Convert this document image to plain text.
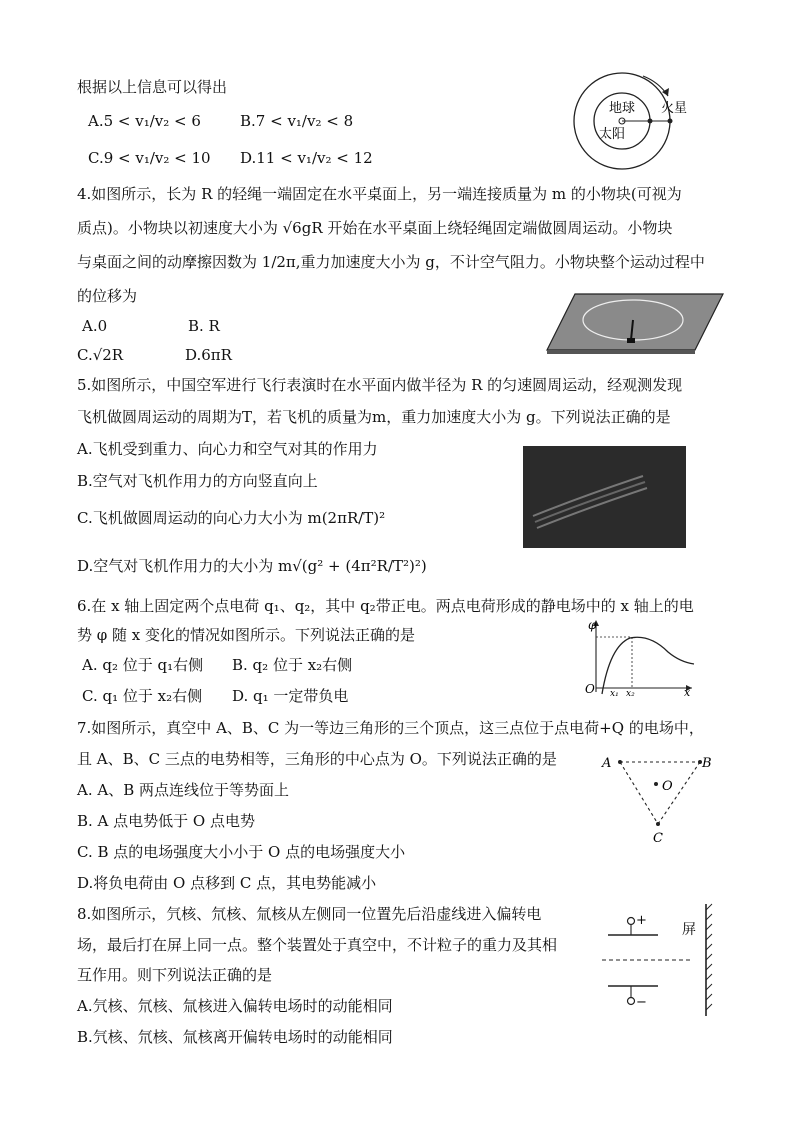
根据以上信息可以得出
A.5 < v₁/v₂ < 6	B.7 < v₁/v₂ < 8
C.9 < v₁/v₂ < 10 D.11 < v₁/v₂ < 12
地球 火星
太阳
4.如图所示，长为 R 的轻绳一端固定在水平桌面上，另一端连接质量为 m 的小物块(可视为
质点)。小物块以初速度大小为 √6gR 开始在水平桌面上绕轻绳固定端做圆周运动。小物块
与桌面之间的动摩擦因数为 1/2π,重力加速度大小为 g，不计空气阻力。小物块整个运动过程中
的位移为
A.0	B. R
C.√2R	D.6πR
5.如图所示，中国空军进行飞行表演时在水平面内做半径为 R 的匀速圆周运动，经观测发现
飞机做圆周运动的周期为T，若飞机的质量为m，重力加速度大小为 g。下列说法正确的是
A.飞机受到重力、向心力和空气对其的作用力
B.空气对飞机作用力的方向竖直向上
C.飞机做圆周运动的向心力大小为 m(2πR/T)²
D.空气对飞机作用力的大小为 m√(g² + (4π²R/T²)²)
6.在 x 轴上固定两个点电荷 q₁、q₂，其中 q₂带正电。两点电荷形成的静电场中的 x 轴上的电
势 φ 随 x 变化的情况如图所示。下列说法正确的是
A. q₂ 位于 q₁右侧 B. q₂ 位于 x₂右侧
C. q₁ 位于 x₂右侧 D. q₁ 一定带负电
φ
O x₁ x₂	x
7.如图所示，真空中 A、B、C 为一等边三角形的三个顶点，这三点位于点电荷+Q 的电场中，
且 A、B、C 三点的电势相等，三角形的中心点为 O。下列说法正确的是
A. A、B 两点连线位于等势面上
B. A 点电势低于 O 点电势
C. B 点的电场强度大小小于 O 点的电场强度大小
D.将负电荷由 O 点移到 C 点，其电势能减小
A	B
C
O
8.如图所示，氕核、氘核、氚核从左侧同一位置先后沿虚线进入偏转电
场，最后打在屏上同一点。整个装置处于真空中，不计粒子的重力及其相
互作用。则下列说法正确的是
A.氕核、氘核、氚核进入偏转电场时的动能相同
B.氕核、氘核、氚核离开偏转电场时的动能相同
+
−
屏
